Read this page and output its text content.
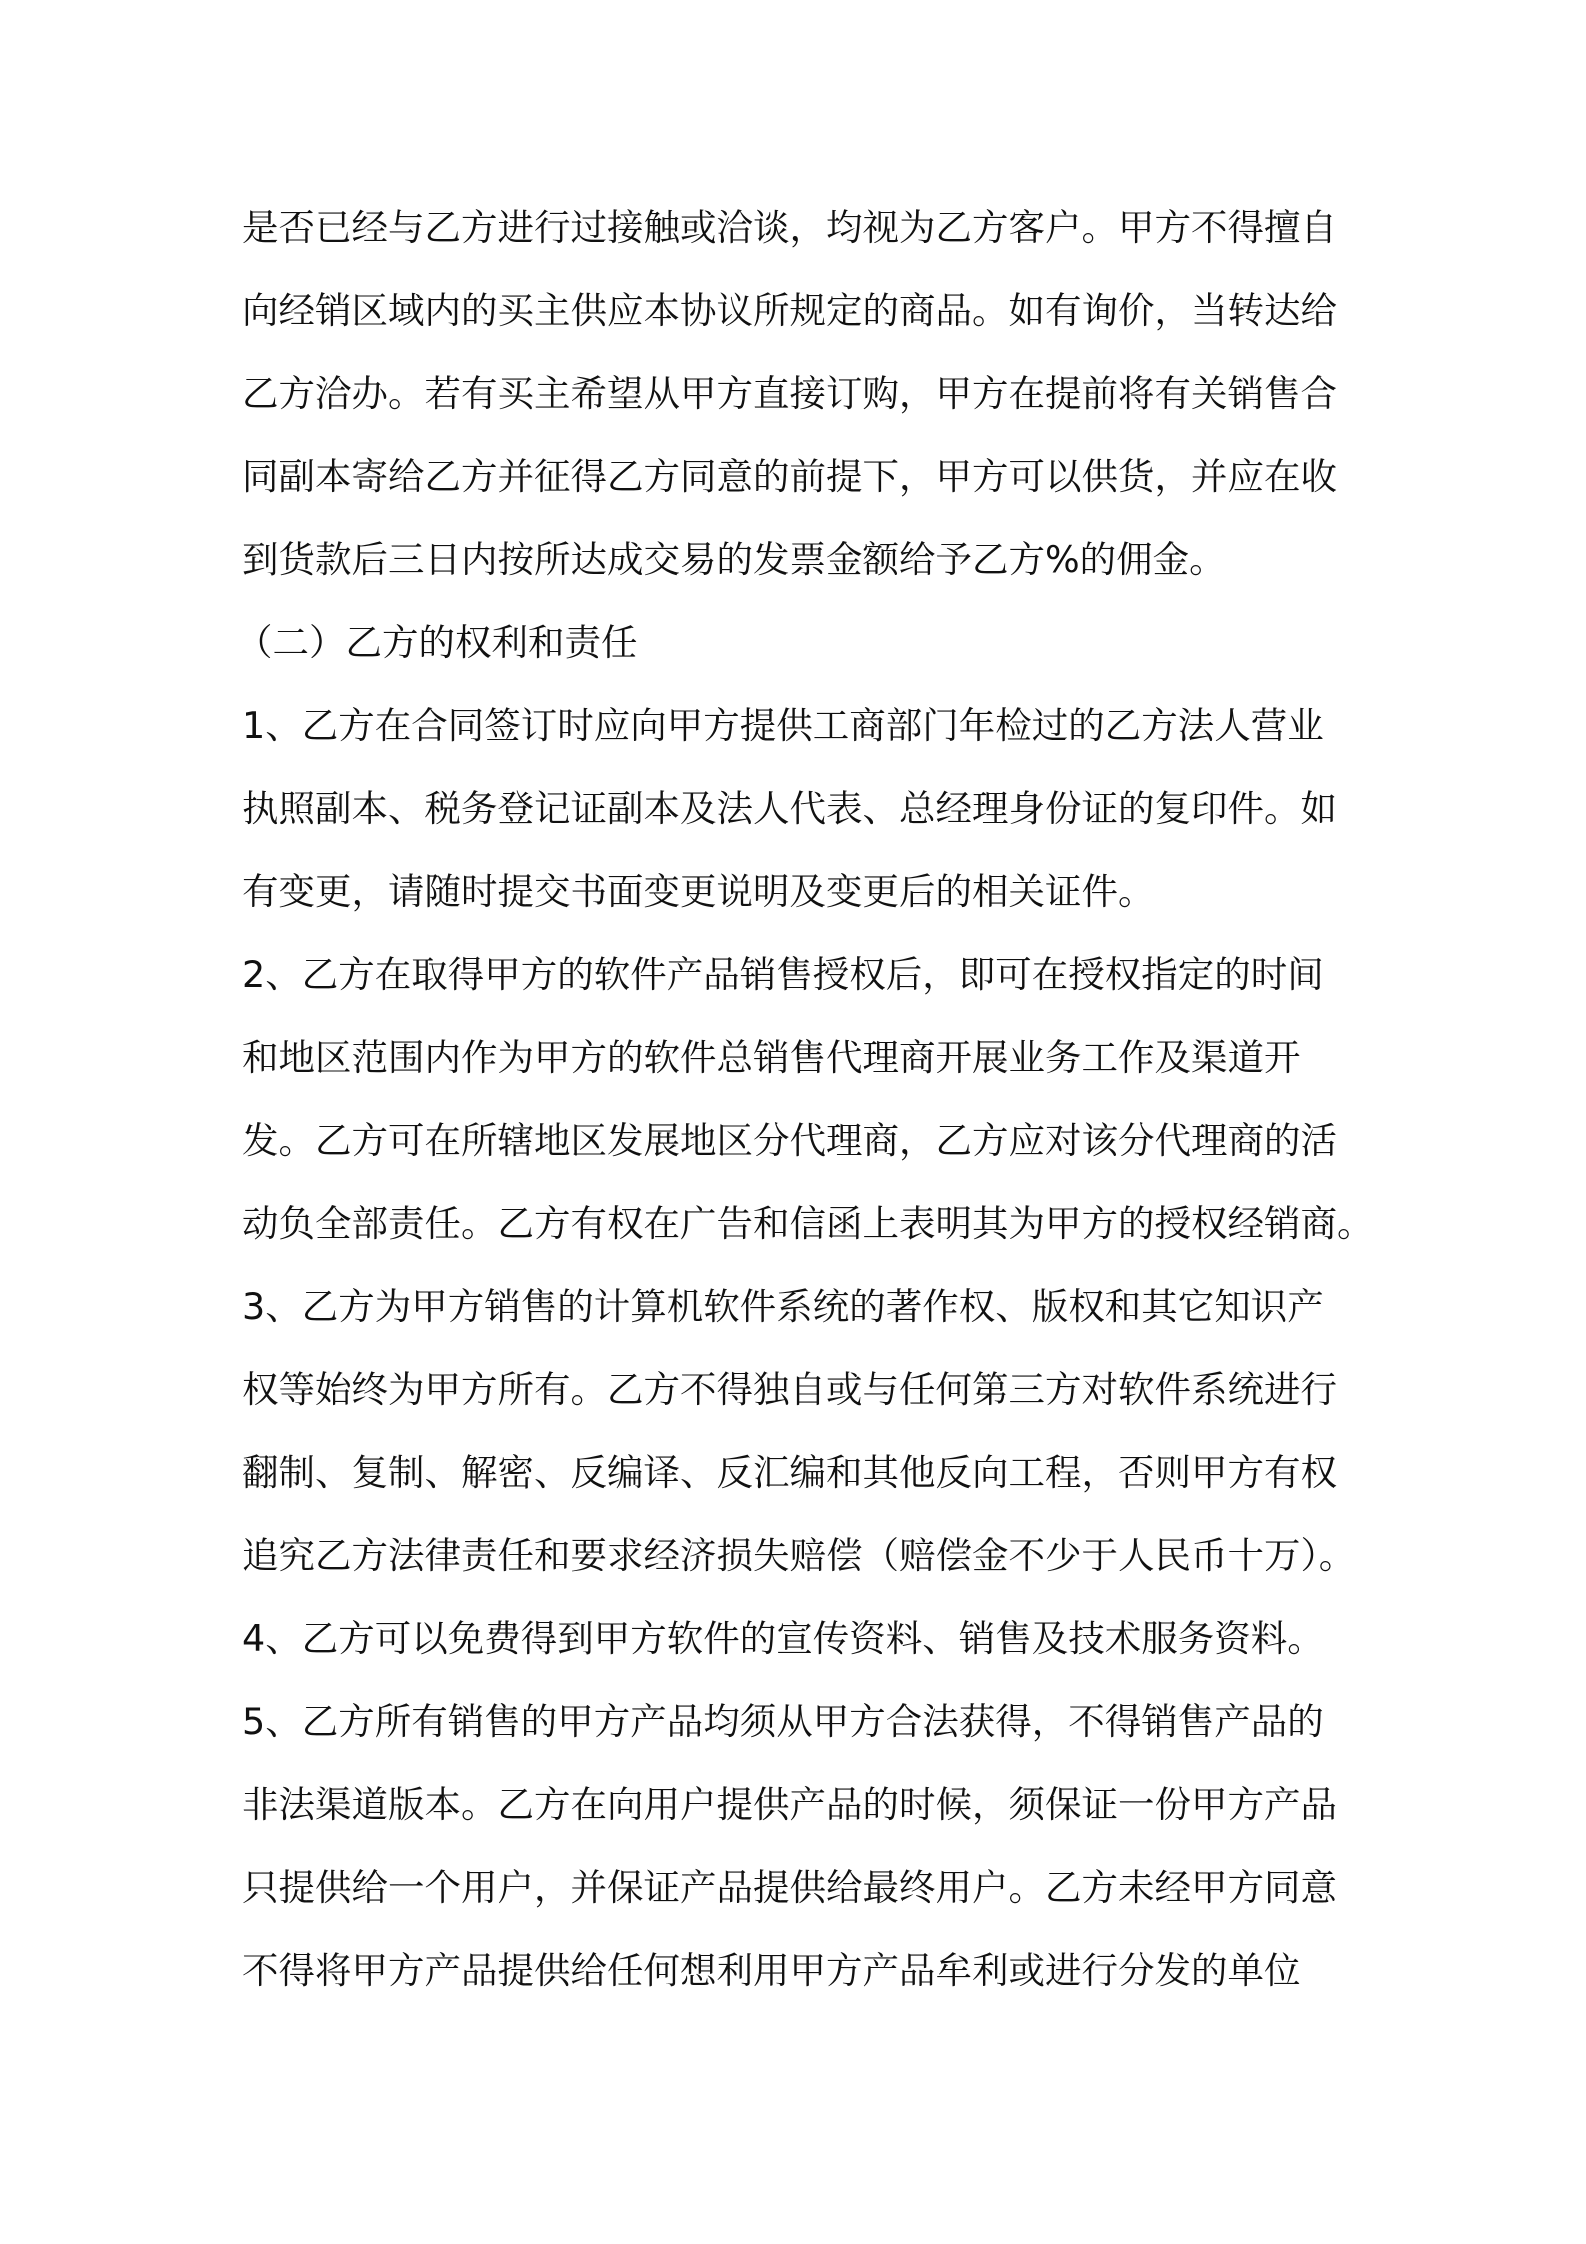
是否已经与乙方进行过接触或洽谈，均视为乙方客户。甲方不得擅自
向经销区域内的买主供应本协议所规定的商品。如有询价，当转达给
乙方洽办。若有买主希望从甲方直接订购，甲方在提前将有关销售合
同副本寄给乙方并征得乙方同意的前提下，甲方可以供货，并应在收
到货款后三日内按所达成交易的发票金额给予乙方%的佣金。
（二）乙方的权利和责任
1、乙方在合同签订时应向甲方提供工商部门年检过的乙方法人营业
执照副本、税务登记证副本及法人代表、总经理身份证的复印件。如
有变更，请随时提交书面变更说明及变更后的相关证件。
2、乙方在取得甲方的软件产品销售授权后，即可在授权指定的时间
和地区范围内作为甲方的软件总销售代理商开展业务工作及渠道开
发。乙方可在所辖地区发展地区分代理商，乙方应对该分代理商的活
动负全部责任。乙方有权在广告和信函上表明其为甲方的授权经销商。
3、乙方为甲方销售的计算机软件系统的著作权、版权和其它知识产
权等始终为甲方所有。乙方不得独自或与任何第三方对软件系统进行
翻制、复制、解密、反编译、反汇编和其他反向工程，否则甲方有权
追究乙方法律责任和要求经济损失赔偿（赔偿金不少于人民币十万）。
4、乙方可以免费得到甲方软件的宣传资料、销售及技术服务资料。
5、乙方所有销售的甲方产品均须从甲方合法获得，不得销售产品的
非法渠道版本。乙方在向用户提供产品的时候，须保证一份甲方产品
只提供给一个用户，并保证产品提供给最终用户。乙方未经甲方同意
不得将甲方产品提供给任何想利用甲方产品牟利或进行分发的单位
